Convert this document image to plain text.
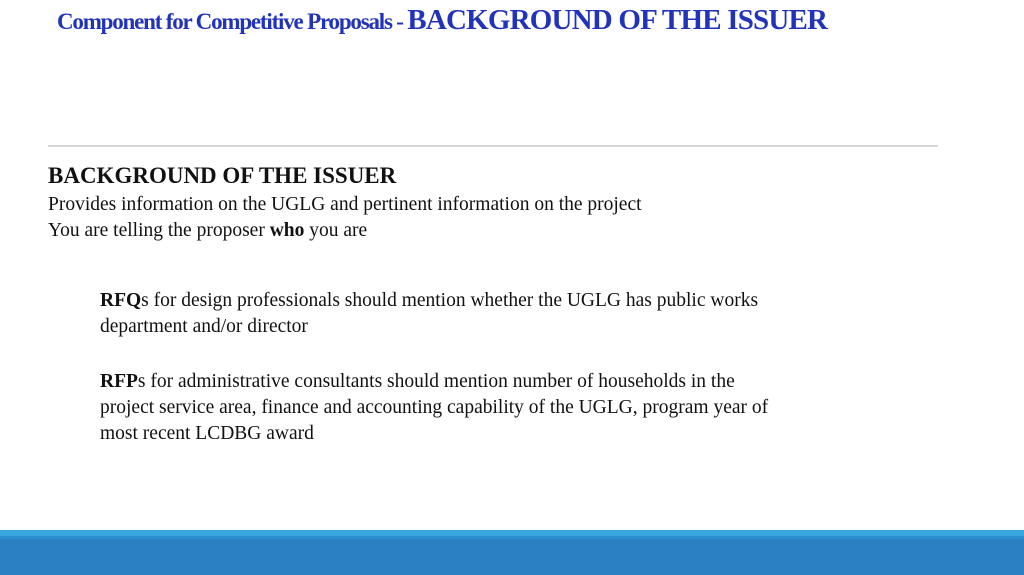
Component for Competitive Proposals - BACKGROUND OF THE ISSUER
BACKGROUND OF THE ISSUER

Provides information on the UGLG and pertinent information on the project

You are telling the proposer who you are

RFQs for design professionals should mention whether the UGLG has public works department and/or director

RFPs for administrative consultants should mention number of households in the project service area, finance and accounting capability of the UGLG, program year of most recent LCDBG award
